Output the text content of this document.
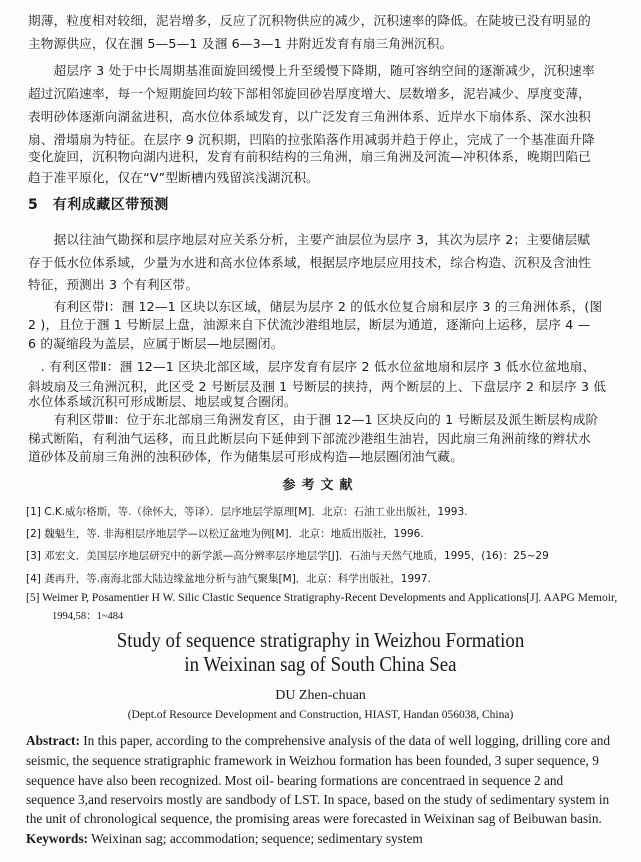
期薄，粒度相对较细，泥岩增多，反应了沉积物供应的减少，沉积速率的降低。在陡坡已没有明显的
主物源供应，仅在涠 5—5—1 及涠 6—3—1 井附近发育有扇三角洲沉积。
　　超层序 3 处于中长周期基准面旋回缓慢上升至缓慢下降期，随可容纳空间的逐渐减少，沉积速率
超过沉陷速率，每一个短期旋回均较下部相邻旋回砂岩厚度增大、层数增多，泥岩减少、厚度变薄，
表明砂体逐渐向湖盆进积，高水位体系域发育，以广泛发育三角洲体系、近岸水下扇体系、深水浊积
扇、滑塌扇为特征。在层序 9 沉积期，凹陷的拉张陷落作用减弱并趋于停止，完成了一个基准面升降
变化旋回，沉积物向湖内进积，发育有前积结构的三角洲，扇三角洲及河流—冲积体系，晚期凹陷已
趋于准平原化，仅在“V”型断槽内残留滨浅湖沉积。
5　有利成藏区带预测
　　据以往油气勘探和层序地层对应关系分析，主要产油层位为层序 3，其次为层序 2；主要储层赋
存于低水位体系域，少量为水进和高水位体系域，根据层序地层应用技术，综合构造、沉积及含油性
特征，预测出 3 个有利区带。
　　有利区带Ⅰ：涠 12—1 区块以东区域，储层为层序 2 的低水位复合扇和层序 3 的三角洲体系，(图
2 )，且位于涠 1 号断层上盘，油源来自下伏流沙港组地层，断层为通道，逐渐向上运移，层序 4 —
6 的凝缩段为盖层，应属于断层—地层圈闭。
　. 有利区带Ⅱ：涠 12—1 区块北部区域，层序发育有层序 2 低水位盆地扇和层序 3 低水位盆地扇、
斜坡扇及三角洲沉积，此区受 2 号断层及涠 1 号断层的挟持，两个断层的上、下盘层序 2 和层序 3 低
水位体系域沉积可形成断层、地层或复合圈闭。
　　有利区带Ⅲ：位于东北部扇三角洲发育区，由于涠 12—1 区块反向的 1 号断层及派生断层构成阶
梯式断陷，有利油气运移，而且此断层向下延伸到下部流沙港组生油岩，因此扇三角洲前缘的辫状水
道砂体及前扇三角洲的浊积砂体，作为储集层可形成构造—地层圈闭油气藏。
参考文献
[1] C.K.威尔格斯，等.（徐怀大，等译）．层序地层学原理[M]．北京：石油工业出版社，1993.
[2] 魏魁生，等. 非海相层序地层学—以松辽盆地为例[M]．北京：地质出版社，1996.
[3] 邓宏文．美国层序地层研究中的新学派—高分辨率层序地层学[J]．石油与天然气地质，1995，(16)：25~29
[4] 龚再升，等.南海北部大陆边缘盆地分析与油气聚集[M]．北京：科学出版社，1997.
[5] Weimer P, Posamentier H W. Silic Clastic Sequence Stratigraphy-Recent Developments and Applications[J]. AAPG Memoir,
1994,58：1~484
Study of sequence stratigraphy in Weizhou Formation
in Weixinan sag of South China Sea
DU Zhen-chuan
(Dept.of Resource Development and Construction, HIAST, Handan 056038, China)
Abstract: In this paper, according to the comprehensive analysis of the data of well logging, drilling core and
seismic, the sequence stratigraphic framework in Weizhou formation has been founded, 3 super sequence, 9
sequence have also been recognized. Most oil- bearing formations are concentraed in sequence 2 and
sequence 3,and reservoirs mostly are sandbody of LST. In space, based on the study of sedimentary system in
the unit of chronological sequence, the promising areas were forecasted in Weixinan sag of Beibuwan basin.
Keywords: Weixinan sag; accommodation; sequence; sedimentary system
